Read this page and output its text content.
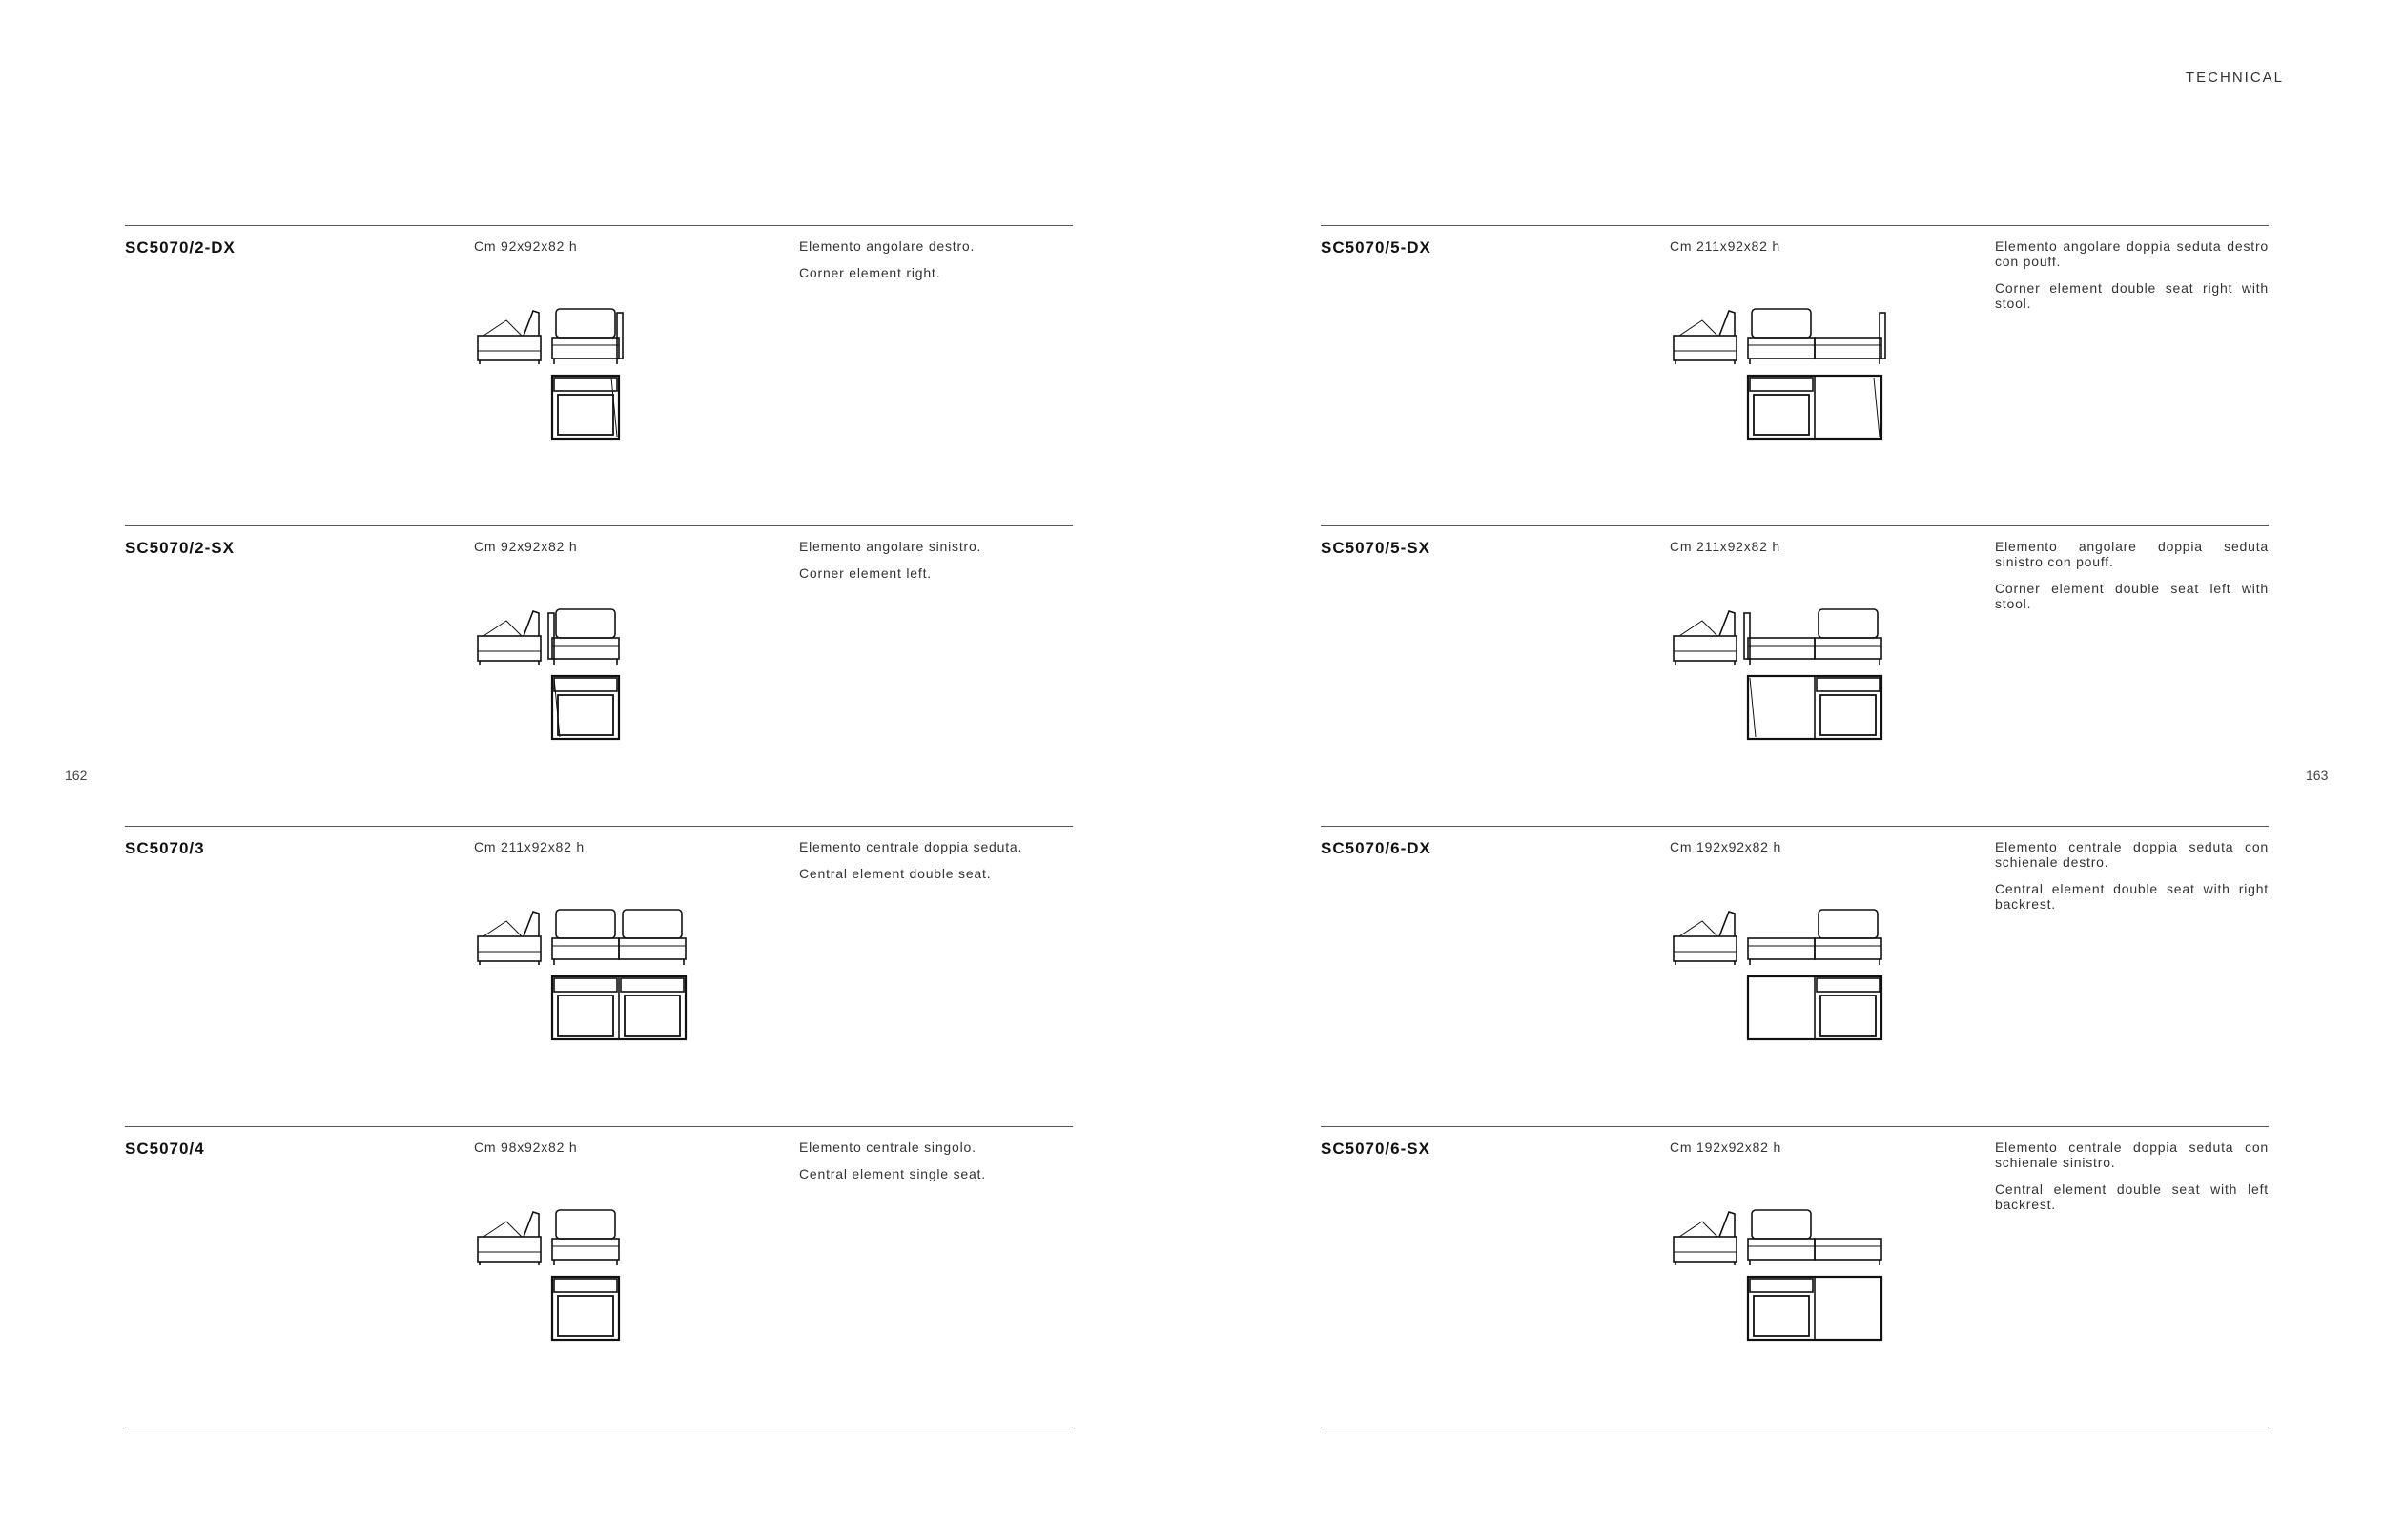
TECHNICAL
162	163
SC5070/2-DX	Cm 92x92x82 h	Elemento angolare destro.

Corner element right.

SC5070/2-SX	Cm 92x92x82 h	Elemento angolare sinistro.

Corner element left.

SC5070/3	Cm 211x92x82 h	Elemento centrale doppia seduta.

Central element double seat.

SC5070/4	Cm 98x92x82 h	Elemento centrale singolo.

Central element single seat.

SC5070/5-DX	Cm 211x92x82 h	Elemento angolare doppia seduta destro con pouff.

Corner element double seat right with stool.

SC5070/5-SX	Cm 211x92x82 h	Elemento angolare doppia seduta sinistro con pouff.

Corner element double seat left with stool.

SC5070/6-DX	Cm 192x92x82 h	Elemento centrale doppia seduta con schienale destro.

Central element double seat with right backrest.

SC5070/6-SX	Cm 192x92x82 h	Elemento centrale doppia seduta con schienale sinistro.

Central element double seat with left backrest.
